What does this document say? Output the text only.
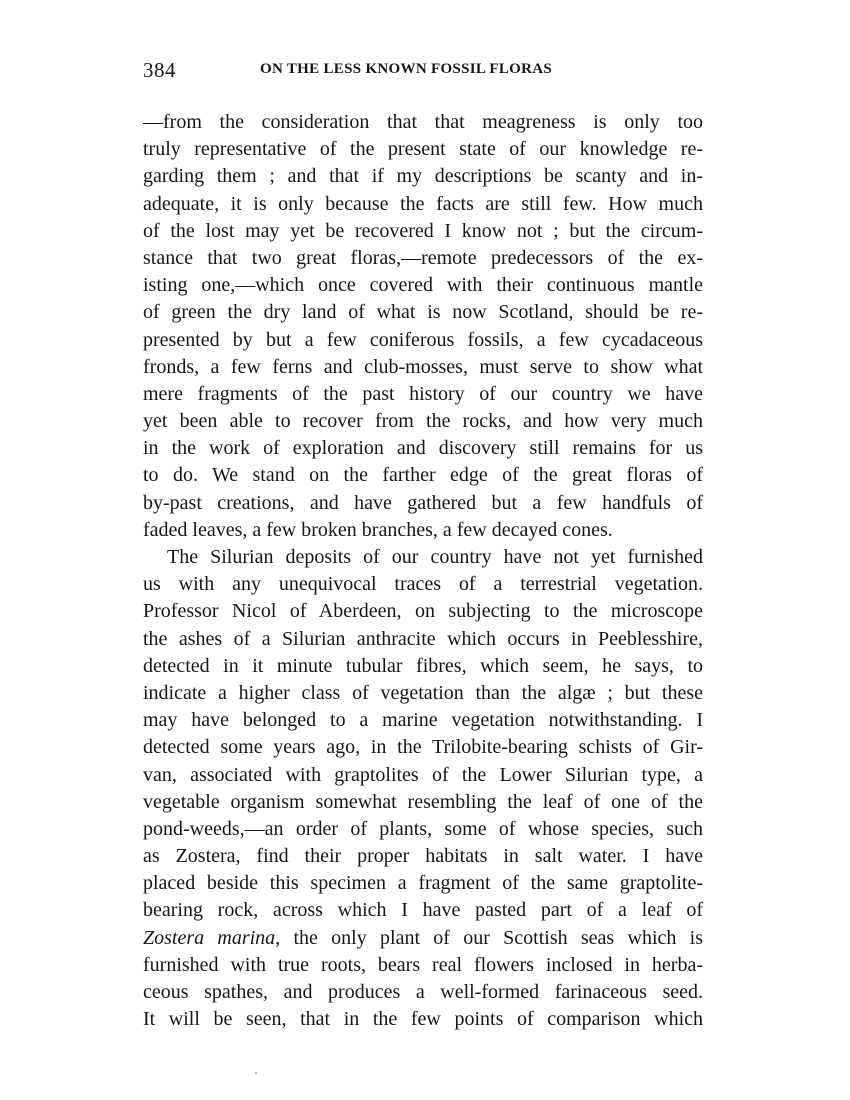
384	ON THE LESS KNOWN FOSSIL FLORAS
—from the consideration that that meagreness is only too
truly representative of the present state of our knowledge re-
garding them ; and that if my descriptions be scanty and in-
adequate, it is only because the facts are still few. How much
of the lost may yet be recovered I know not ; but the circum-
stance that two great floras,—remote predecessors of the ex-
isting one,—which once covered with their continuous mantle
of green the dry land of what is now Scotland, should be re-
presented by but a few coniferous fossils, a few cycadaceous
fronds, a few ferns and club-mosses, must serve to show what
mere fragments of the past history of our country we have
yet been able to recover from the rocks, and how very much
in the work of exploration and discovery still remains for us
to do. We stand on the farther edge of the great floras of
by-past creations, and have gathered but a few handfuls of
faded leaves, a few broken branches, a few decayed cones.
The Silurian deposits of our country have not yet furnished
us with any unequivocal traces of a terrestrial vegetation.
Professor Nicol of Aberdeen, on subjecting to the microscope
the ashes of a Silurian anthracite which occurs in Peeblesshire,
detected in it minute tubular fibres, which seem, he says, to
indicate a higher class of vegetation than the algæ ; but these
may have belonged to a marine vegetation notwithstanding. I
detected some years ago, in the Trilobite-bearing schists of Gir-
van, associated with graptolites of the Lower Silurian type, a
vegetable organism somewhat resembling the leaf of one of the
pond-weeds,—an order of plants, some of whose species, such
as Zostera, find their proper habitats in salt water. I have
placed beside this specimen a fragment of the same graptolite-
bearing rock, across which I have pasted part of a leaf of
Zostera marina, the only plant of our Scottish seas which is
furnished with true roots, bears real flowers inclosed in herba-
ceous spathes, and produces a well-formed farinaceous seed.
It will be seen, that in the few points of comparison which
